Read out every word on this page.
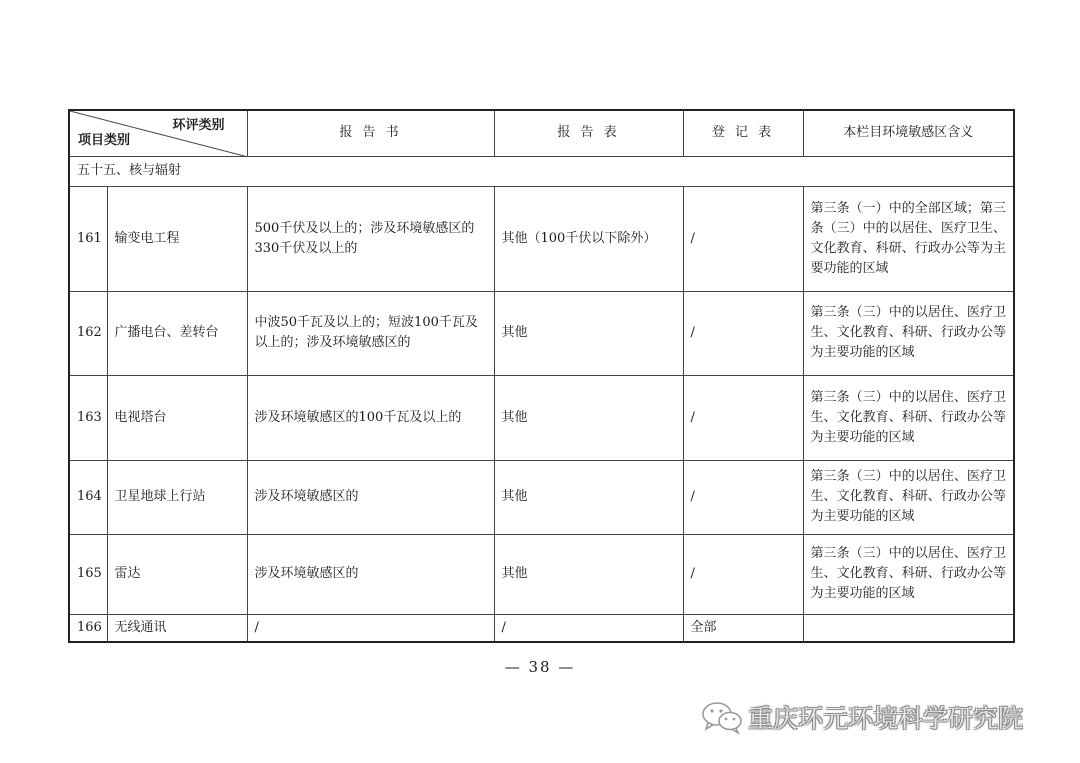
环评类别
项目类别		报 告 书	报 告 表	登 记 表	本栏目环境敏感区含义
五十五、核与辐射					
161	输变电工程	500千伏及以上的；涉及环境敏感区的330千伏及以上的	其他（100千伏以下除外）	/	第三条（一）中的全部区域；第三条（三）中的以居住、医疗卫生、文化教育、科研、行政办公等为主要功能的区域
162	广播电台、差转台	中波50千瓦及以上的；短波100千瓦及以上的；涉及环境敏感区的	其他	/	第三条（三）中的以居住、医疗卫生、文化教育、科研、行政办公等为主要功能的区域
163	电视塔台	涉及环境敏感区的100千瓦及以上的	其他	/	第三条（三）中的以居住、医疗卫生、文化教育、科研、行政办公等为主要功能的区域
164	卫星地球上行站	涉及环境敏感区的	其他	/	第三条（三）中的以居住、医疗卫生、文化教育、科研、行政办公等为主要功能的区域
165	雷达	涉及环境敏感区的	其他	/	第三条（三）中的以居住、医疗卫生、文化教育、科研、行政办公等为主要功能的区域
166	无线通讯	/	/	全部	
— 38 —
重庆环元环境科学研究院
